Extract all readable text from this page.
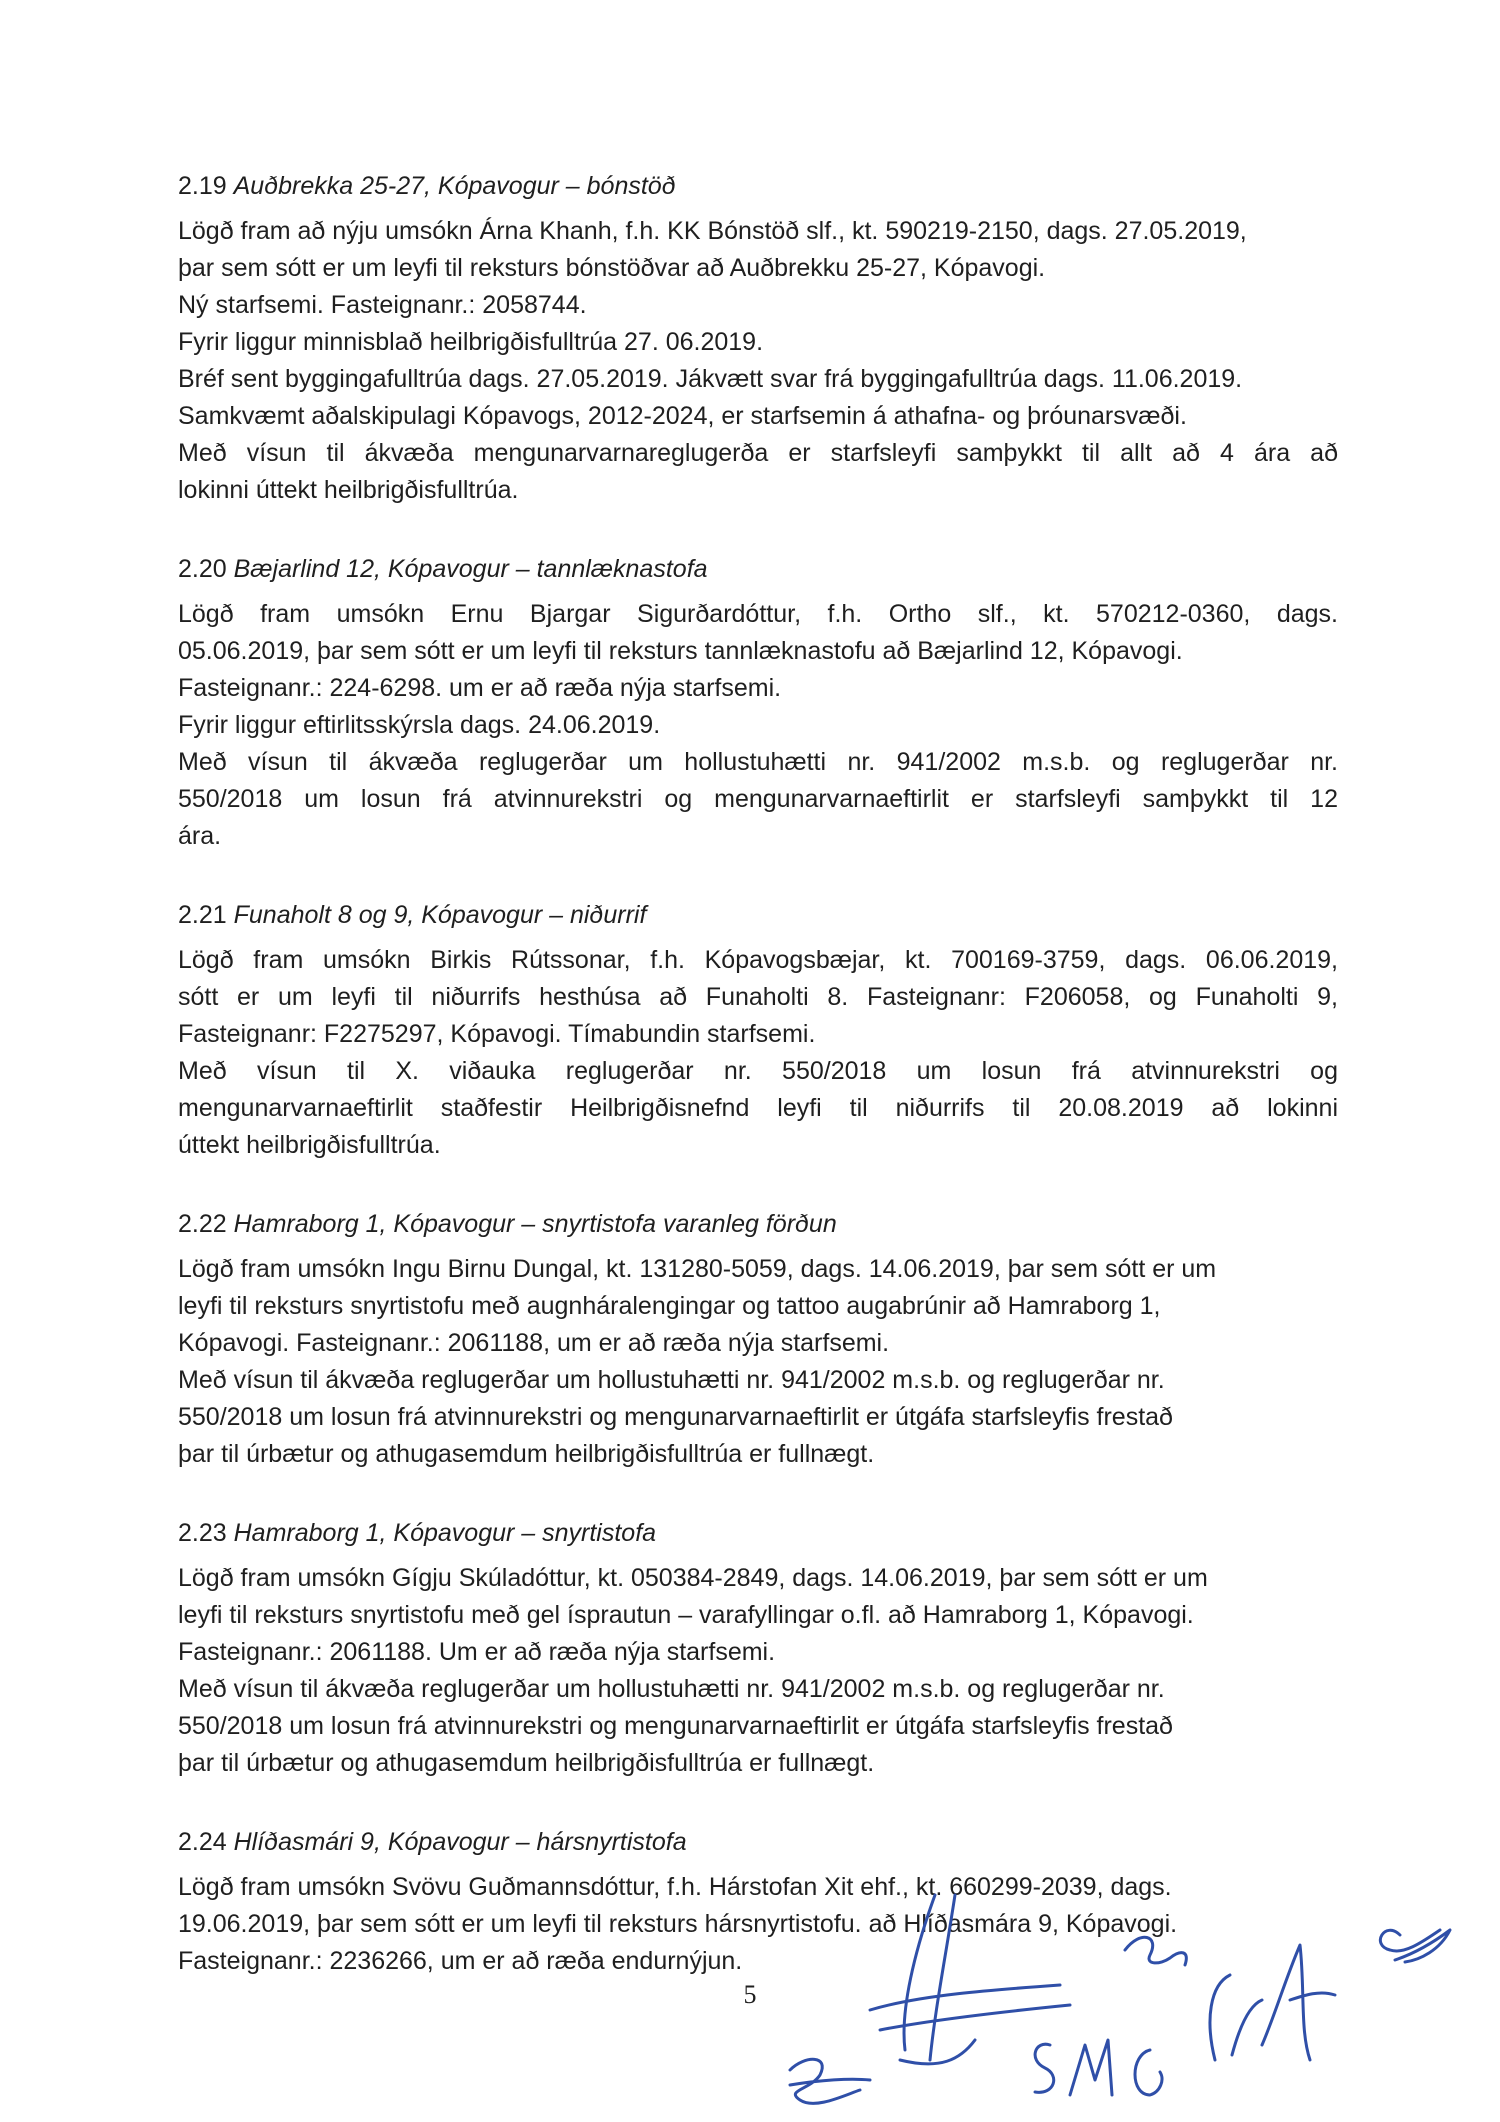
2.19 Auðbrekka 25-27, Kópavogur – bónstöð

Lögð fram að nýju umsókn Árna Khanh, f.h. KK Bónstöð slf., kt. 590219-2150, dags. 27.05.2019,

þar sem sótt er um leyfi til reksturs bónstöðvar að Auðbrekku 25-27, Kópavogi.

Ný starfsemi. Fasteignanr.: 2058744.

Fyrir liggur minnisblað heilbrigðisfulltrúa 27. 06.2019.

Bréf sent byggingafulltrúa dags. 27.05.2019. Jákvætt svar frá byggingafulltrúa dags. 11.06.2019.

Samkvæmt aðalskipulagi Kópavogs, 2012-2024, er starfsemin á athafna- og þróunarsvæði.

Með vísun til ákvæða mengunarvarnareglugerða er starfsleyfi samþykkt til allt að 4 ára að

lokinni úttekt heilbrigðisfulltrúa.

2.20 Bæjarlind 12, Kópavogur – tannlæknastofa

Lögð fram umsókn Ernu Bjargar Sigurðardóttur, f.h. Ortho slf., kt. 570212-0360, dags.

05.06.2019, þar sem sótt er um leyfi til reksturs tannlæknastofu að Bæjarlind 12, Kópavogi.

Fasteignanr.: 224-6298. um er að ræða nýja starfsemi.

Fyrir liggur eftirlitsskýrsla dags. 24.06.2019.

Með vísun til ákvæða reglugerðar um hollustuhætti nr. 941/2002 m.s.b. og reglugerðar nr.

550/2018 um losun frá atvinnurekstri og mengunarvarnaeftirlit er starfsleyfi samþykkt til 12

ára.

2.21 Funaholt 8 og 9, Kópavogur – niðurrif

Lögð fram umsókn Birkis Rútssonar, f.h. Kópavogsbæjar, kt. 700169-3759, dags. 06.06.2019,

sótt er um leyfi til niðurrifs hesthúsa að Funaholti 8. Fasteignanr: F206058, og Funaholti 9,

Fasteignanr: F2275297, Kópavogi. Tímabundin starfsemi.

Með vísun til X. viðauka reglugerðar nr. 550/2018 um losun frá atvinnurekstri og

mengunarvarnaeftirlit staðfestir Heilbrigðisnefnd leyfi til niðurrifs til 20.08.2019 að lokinni

úttekt heilbrigðisfulltrúa.

2.22 Hamraborg 1, Kópavogur – snyrtistofa varanleg förðun

Lögð fram umsókn Ingu Birnu Dungal, kt. 131280-5059, dags. 14.06.2019, þar sem sótt er um

leyfi til reksturs snyrtistofu með augnháralengingar og tattoo augabrúnir að Hamraborg 1,

Kópavogi. Fasteignanr.: 2061188, um er að ræða nýja starfsemi.

Með vísun til ákvæða reglugerðar um hollustuhætti nr. 941/2002 m.s.b. og reglugerðar nr.

550/2018 um losun frá atvinnurekstri og mengunarvarnaeftirlit er útgáfa starfsleyfis frestað

þar til úrbætur og athugasemdum heilbrigðisfulltrúa er fullnægt.

2.23 Hamraborg 1, Kópavogur – snyrtistofa

Lögð fram umsókn Gígju Skúladóttur, kt. 050384-2849, dags. 14.06.2019, þar sem sótt er um

leyfi til reksturs snyrtistofu með gel ísprautun – varafyllingar o.fl. að Hamraborg 1, Kópavogi.

Fasteignanr.: 2061188. Um er að ræða nýja starfsemi.

Með vísun til ákvæða reglugerðar um hollustuhætti nr. 941/2002 m.s.b. og reglugerðar nr.

550/2018 um losun frá atvinnurekstri og mengunarvarnaeftirlit er útgáfa starfsleyfis frestað

þar til úrbætur og athugasemdum heilbrigðisfulltrúa er fullnægt.

2.24 Hlíðasmári 9, Kópavogur – hársnyrtistofa

Lögð fram umsókn Svövu Guðmannsdóttur, f.h. Hárstofan Xit ehf., kt. 660299-2039, dags.

19.06.2019, þar sem sótt er um leyfi til reksturs hársnyrtistofu. að Hlíðasmára 9, Kópavogi.

Fasteignanr.: 2236266, um er að ræða endurnýjun.

5
